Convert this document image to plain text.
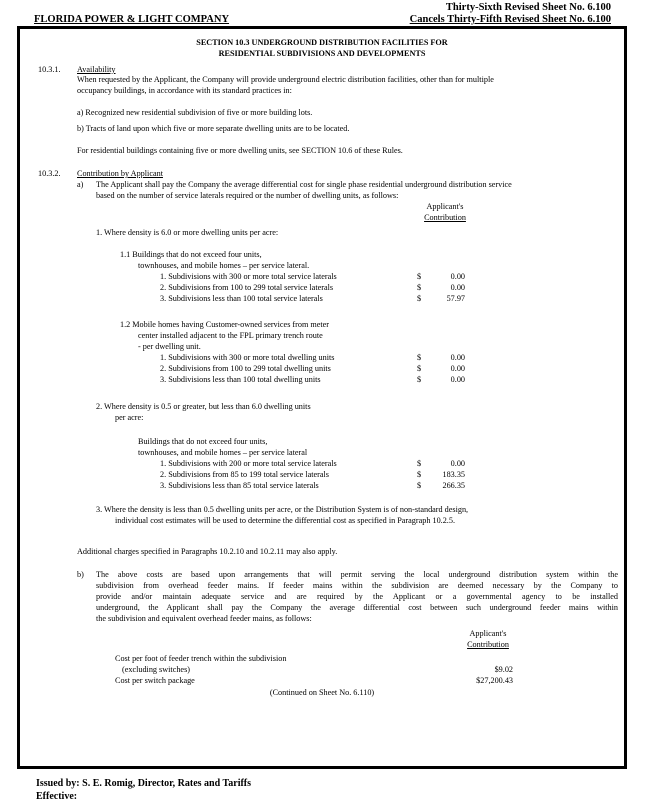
Thirty-Sixth Revised Sheet No. 6.100
FLORIDA POWER & LIGHT COMPANY	Cancels Thirty-Fifth Revised Sheet No. 6.100
SECTION 10.3 UNDERGROUND DISTRIBUTION FACILITIES FOR
RESIDENTIAL SUBDIVISIONS AND DEVELOPMENTS
10.3.1. Availability
When requested by the Applicant, the Company will provide underground electric distribution facilities, other than for multiple
occupancy buildings, in accordance with its standard practices in:
a) Recognized new residential subdivision of five or more building lots.
b) Tracts of land upon which five or more separate dwelling units are to be located.
For residential buildings containing five or more dwelling units, see SECTION 10.6 of these Rules.
10.3.2. Contribution by Applicant
a) The Applicant shall pay the Company the average differential cost for single phase residential underground distribution service
based on the number of service laterals required or the number of dwelling units, as follows:
Applicant's
Contribution
1. Where density is 6.0 or more dwelling units per acre:
1.1 Buildings that do not exceed four units,
townhouses, and mobile homes – per service lateral.
1. Subdivisions with 300 or more total service laterals	$	0.00
2. Subdivisions from 100 to 299 total service laterals	$	0.00
3. Subdivisions less than 100 total service laterals	$	57.97
1.2 Mobile homes having Customer-owned services from meter
center installed adjacent to the FPL primary trench route
- per dwelling unit.
1. Subdivisions with 300 or more total dwelling units	$	0.00
2. Subdivisions from 100 to 299 total dwelling units	$	0.00
3. Subdivisions less than 100 total dwelling units	$	0.00
2. Where density is 0.5 or greater, but less than 6.0 dwelling units
per acre:
Buildings that do not exceed four units,
townhouses, and mobile homes – per service lateral
1. Subdivisions with 200 or more total service laterals	$	0.00
2. Subdivisions from 85 to 199 total service laterals	$	183.35
3. Subdivisions less than 85 total service laterals	$	266.35
3. Where the density is less than 0.5 dwelling units per acre, or the Distribution System is of non-standard design,
individual cost estimates will be used to determine the differential cost as specified in Paragraph 10.2.5.
Additional charges specified in Paragraphs 10.2.10 and 10.2.11 may also apply.
b) The above costs are based upon arrangements that will permit serving the local underground distribution system within the
subdivision from overhead feeder mains. If feeder mains within the subdivision are deemed necessary by the Company to
provide and/or maintain adequate service and are required by the Applicant or a governmental agency to be installed
underground, the Applicant shall pay the Company the average differential cost between such underground feeder mains within
the subdivision and equivalent overhead feeder mains, as follows:
Applicant's
Contribution
Cost per foot of feeder trench within the subdivision
(excluding switches)	$9.02
Cost per switch package	$27,200.43
(Continued on Sheet No. 6.110)
Issued by: S. E. Romig, Director, Rates and Tariffs
Effective:
